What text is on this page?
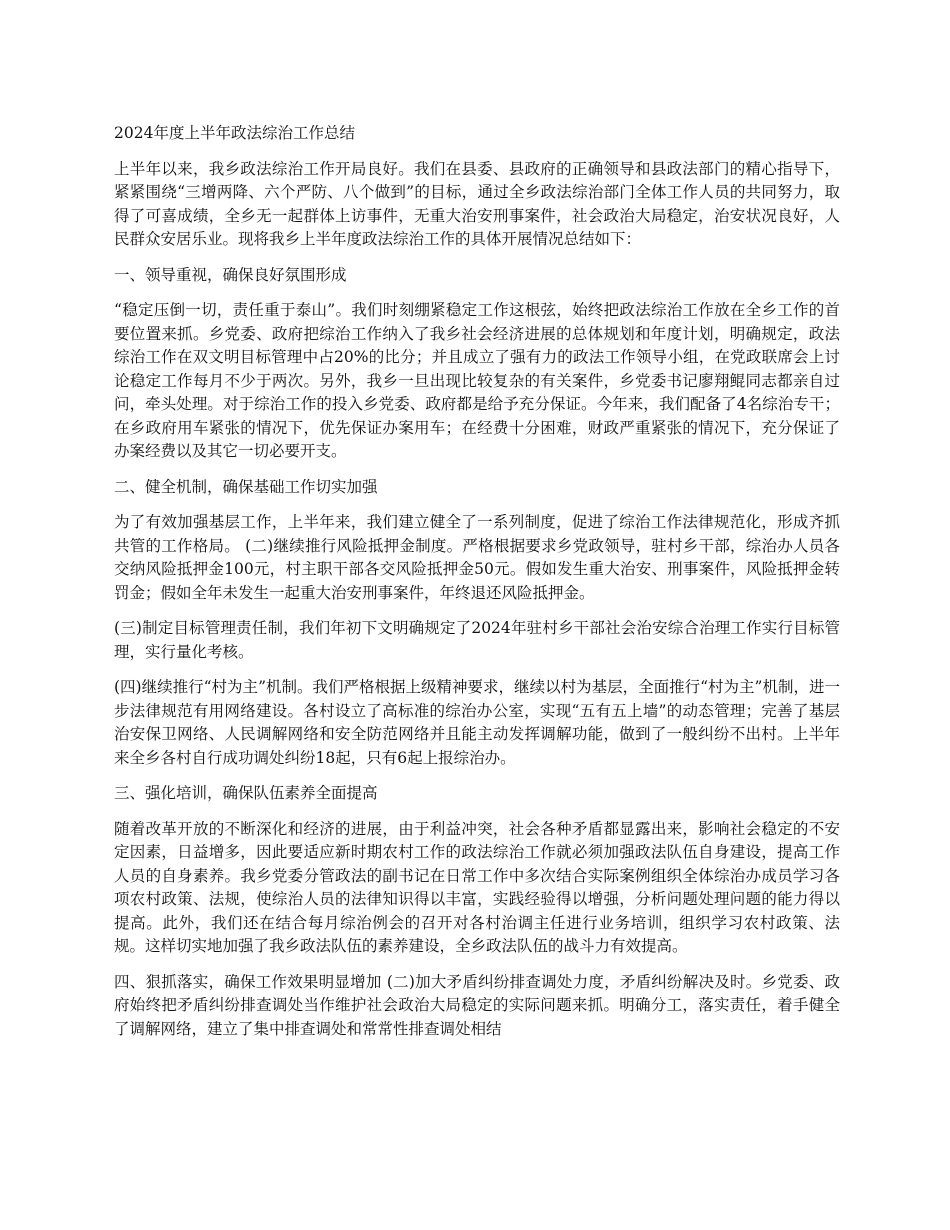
2024年度上半年政法综治工作总结

上半年以来，我乡政法综治工作开局良好。我们在县委、县政府的正确领导和县政法部门的精心指导下，紧紧围绕“三增两降、六个严防、八个做到”的目标，通过全乡政法综治部门全体工作人员的共同努力，取得了可喜成绩，全乡无一起群体上访事件，无重大治安刑事案件，社会政治大局稳定，治安状况良好，人民群众安居乐业。现将我乡上半年度政法综治工作的具体开展情况总结如下：

一、领导重视，确保良好氛围形成

“稳定压倒一切，责任重于泰山”。我们时刻绷紧稳定工作这根弦，始终把政法综治工作放在全乡工作的首要位置来抓。乡党委、政府把综治工作纳入了我乡社会经济进展的总体规划和年度计划，明确规定，政法综治工作在双文明目标管理中占20%的比分；并且成立了强有力的政法工作领导小组，在党政联席会上讨论稳定工作每月不少于两次。另外，我乡一旦出现比较复杂的有关案件，乡党委书记廖翔鲲同志都亲自过问，牵头处理。对于综治工作的投入乡党委、政府都是给予充分保证。今年来，我们配备了4名综治专干；在乡政府用车紧张的情况下，优先保证办案用车；在经费十分困难，财政严重紧张的情况下，充分保证了办案经费以及其它一切必要开支。

二、健全机制，确保基础工作切实加强

为了有效加强基层工作，上半年来，我们建立健全了一系列制度，促进了综治工作法律规范化，形成齐抓共管的工作格局。 (二)继续推行风险抵押金制度。严格根据要求乡党政领导，驻村乡干部，综治办人员各交纳风险抵押金100元，村主职干部各交风险抵押金50元。假如发生重大治安、刑事案件，风险抵押金转罚金；假如全年未发生一起重大治安刑事案件，年终退还风险抵押金。

(三)制定目标管理责任制，我们年初下文明确规定了2024年驻村乡干部社会治安综合治理工作实行目标管理，实行量化考核。

(四)继续推行“村为主”机制。我们严格根据上级精神要求，继续以村为基层，全面推行“村为主”机制，进一步法律规范有用网络建设。各村设立了高标准的综治办公室，实现“五有五上墙”的动态管理；完善了基层治安保卫网络、人民调解网络和安全防范网络并且能主动发挥调解功能，做到了一般纠纷不出村。上半年来全乡各村自行成功调处纠纷18起，只有6起上报综治办。

三、强化培训，确保队伍素养全面提高

随着改革开放的不断深化和经济的进展，由于利益冲突，社会各种矛盾都显露出来，影响社会稳定的不安定因素，日益增多，因此要适应新时期农村工作的政法综治工作就必须加强政法队伍自身建设，提高工作人员的自身素养。我乡党委分管政法的副书记在日常工作中多次结合实际案例组织全体综治办成员学习各项农村政策、法规，使综治人员的法律知识得以丰富，实践经验得以增强，分析问题处理问题的能力得以提高。此外，我们还在结合每月综治例会的召开对各村治调主任进行业务培训，组织学习农村政策、法规。这样切实地加强了我乡政法队伍的素养建设，全乡政法队伍的战斗力有效提高。

四、狠抓落实，确保工作效果明显增加 (二)加大矛盾纠纷排查调处力度，矛盾纠纷解决及时。乡党委、政府始终把矛盾纠纷排查调处当作维护社会政治大局稳定的实际问题来抓。明确分工，落实责任，着手健全了调解网络，建立了集中排查调处和常常性排查调处相结
